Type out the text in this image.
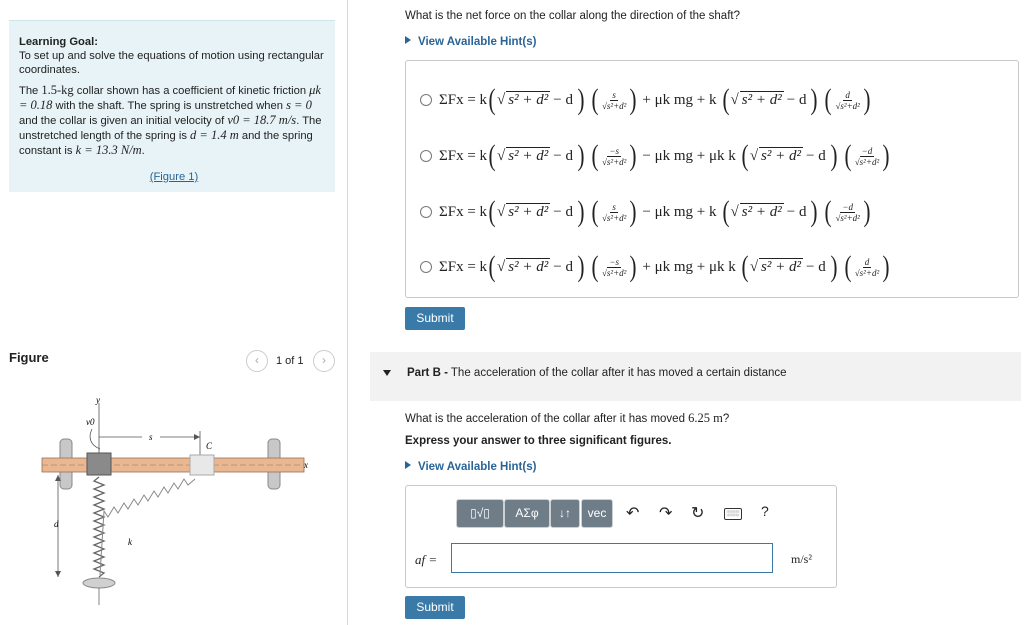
Learning Goal:
To set up and solve the equations of motion using rectangular coordinates.
The 1.5-kg collar shown has a coefficient of kinetic friction μk = 0.18 with the shaft. The spring is unstretched when s = 0 and the collar is given an initial velocity of v0 = 18.7 m/s. The unstretched length of the spring is d = 1.4 m and the spring constant is k = 13.3 N/m.
(Figure 1)
Figure	‹	1 of 1	›
y
v0
s
C
x
k
d
What is the net force on the collar along the direction of the shaft?
View Available Hint(s)
ΣFx = k ( √ s² + d² − d ) ( $\frac{s}{\text{√s²+d²}}$ ) + μk mg + k ( √ s² + d² − d ) ( $\frac{d}{\text{√s²+d²}}$ )
ΣFx = k ( √ s² + d² − d ) ( $\frac{-s}{\text{√s²+d²}}$ ) − μk mg + μk k ( √ s² + d² − d ) ( $\frac{-d}{\text{√s²+d²}}$ )
ΣFx = k ( √ s² + d² − d ) ( $\frac{s}{\text{√s²+d²}}$ ) − μk mg + k ( √ s² + d² − d ) ( $\frac{-d}{\text{√s²+d²}}$ )
ΣFx = k ( √ s² + d² − d ) ( $\frac{-s}{\text{√s²+d²}}$ ) + μk mg + μk k ( √ s² + d² − d ) ( $\frac{d}{\text{√s²+d²}}$ )
Submit
Part B - The acceleration of the collar after it has moved a certain distance
What is the acceleration of the collar after it has moved 6.25 m?
Express your answer to three significant figures.
View Available Hint(s)
▯√▯	ΑΣφ	↓↑	vec	↶ ↷ ↻	░░░ ?
af =	m/s²
Submit
